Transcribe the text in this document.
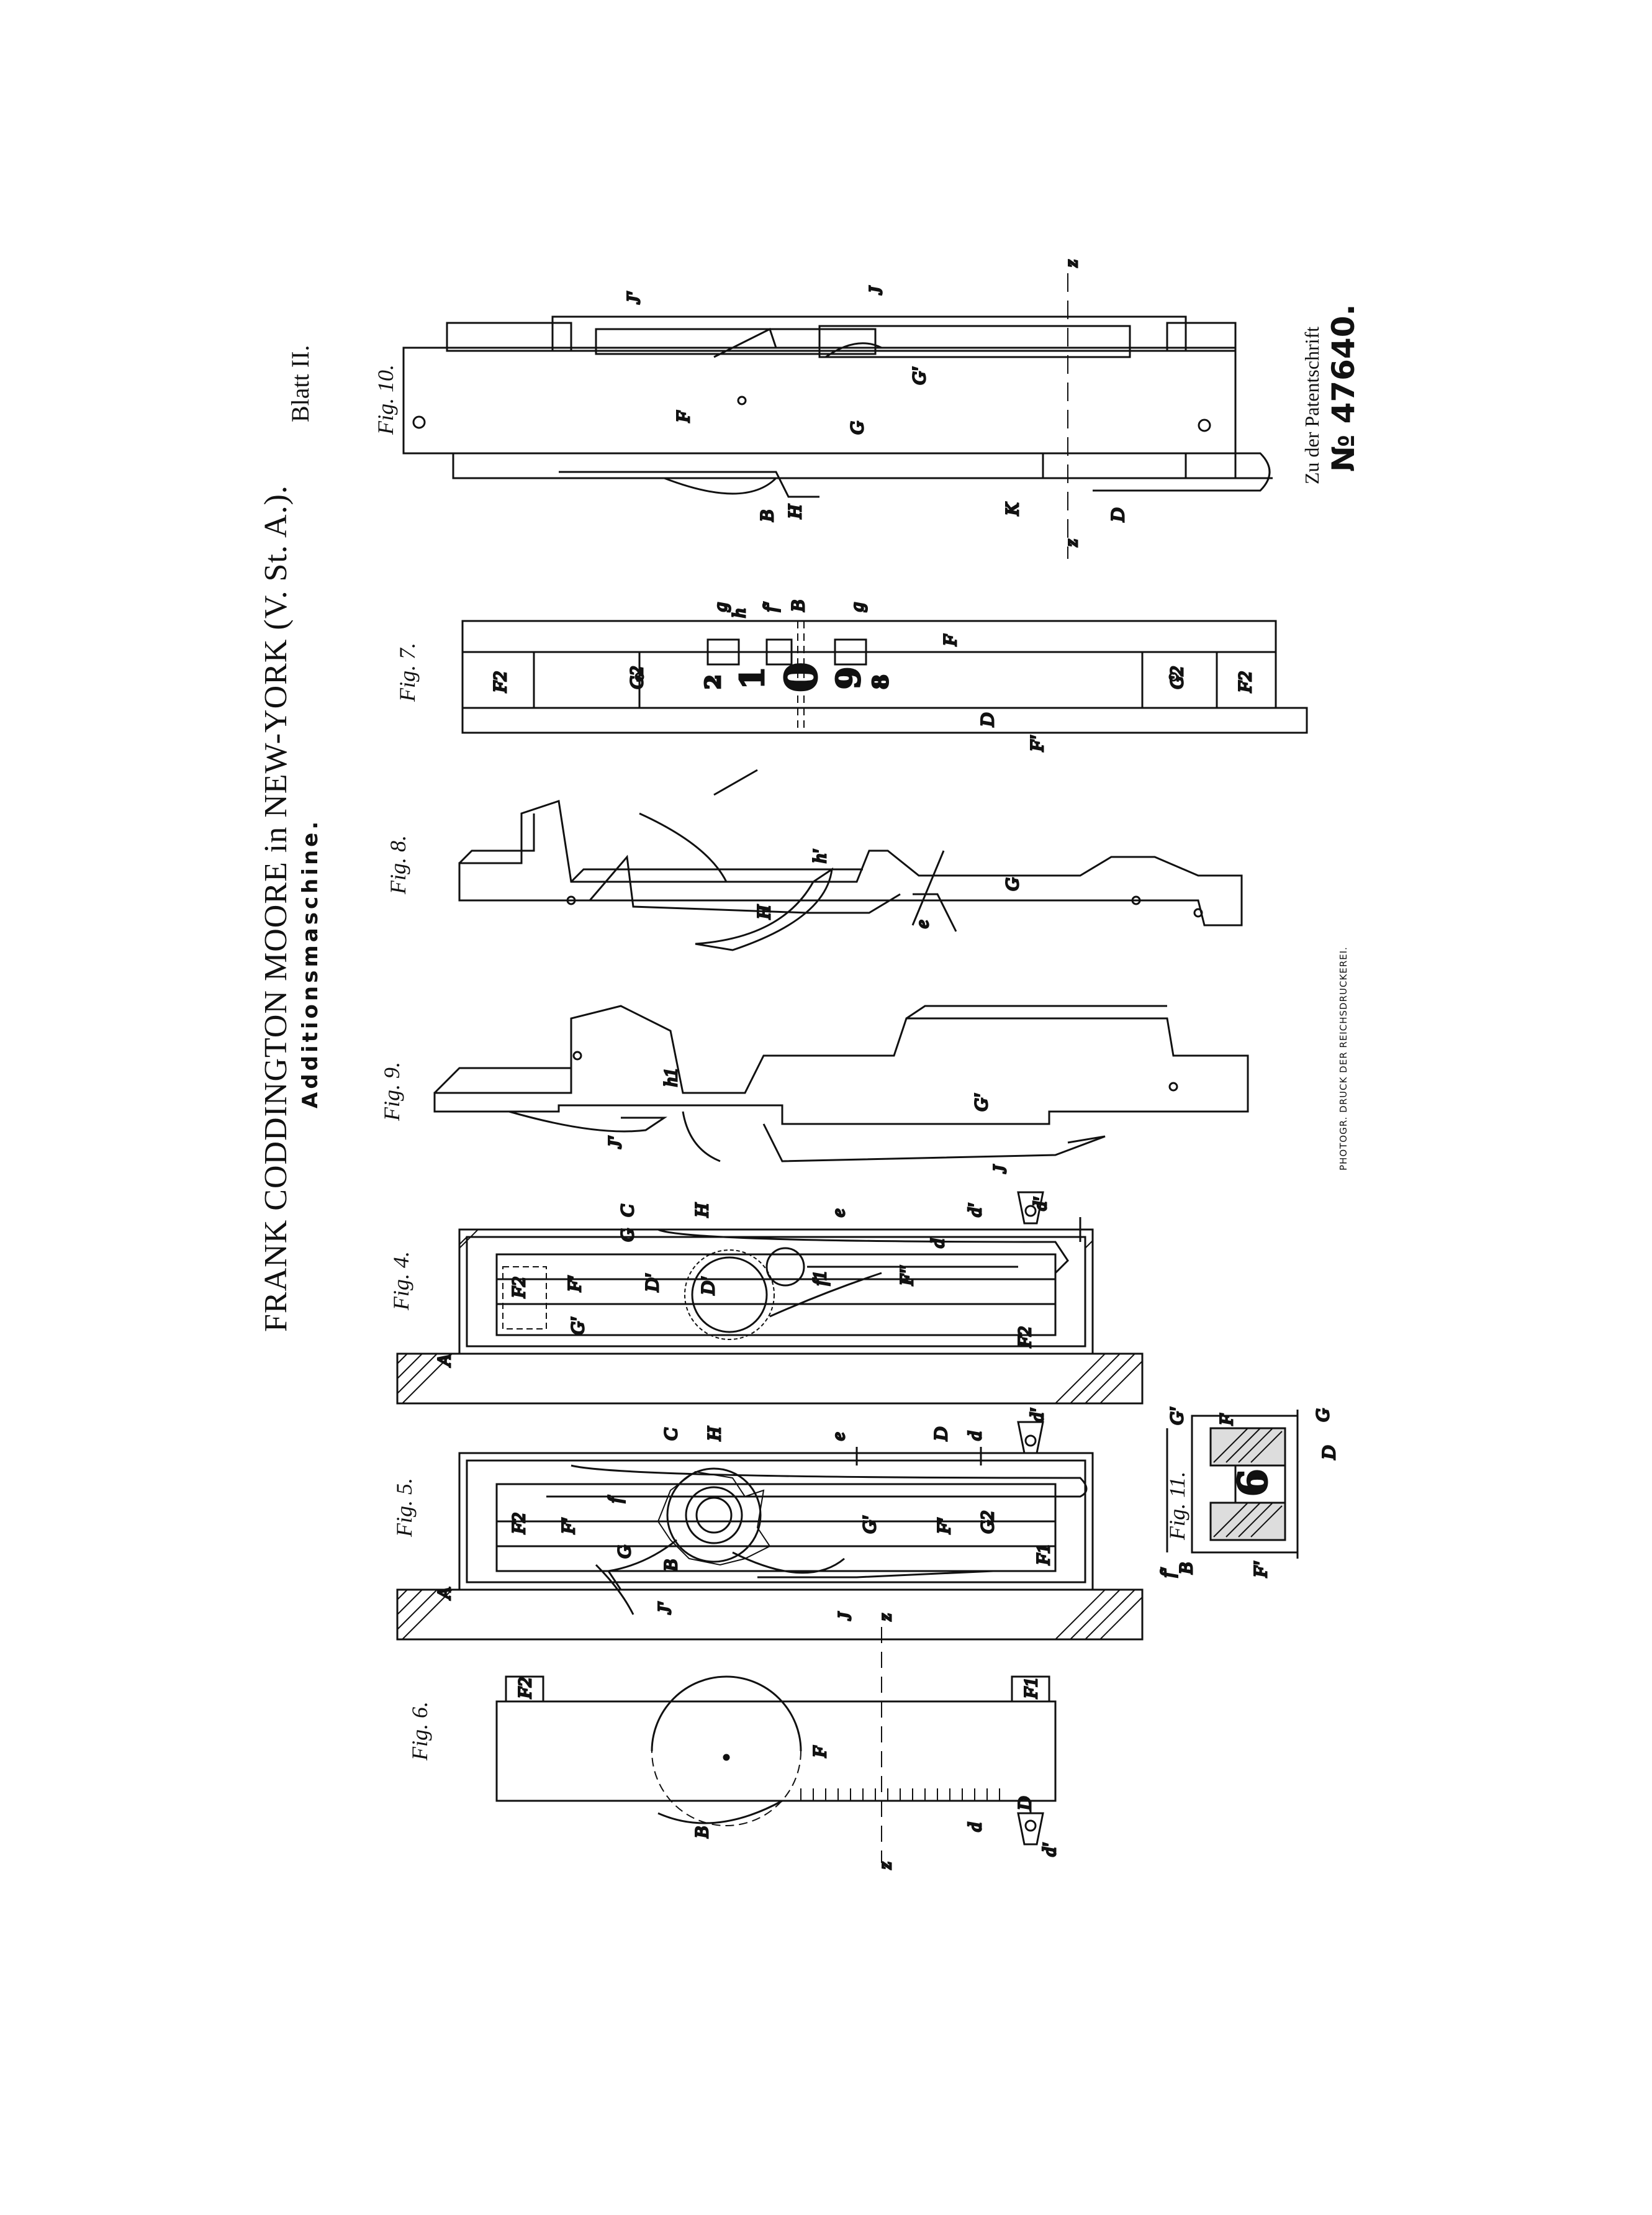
J'
J
z
F
G
G'
B H	K
z
D
2 1 0 9 8
F2	G2
g
h
f' B g
F
G2	F2
D
F'
h'
G
H
e
h1
G'
J'
J
A
F2
G'
F'
G
D' D'
C	H
f1	F''
d
e	d' d'
F2
A
F2 F'
J'
G
f
B
C H
G'	F' G2
J
e	D d
d'
F1
F2
B
F
z
z
d
D
d'
F1
6
G'
f'
F
B	F'
G
D
FRANK CODDINGTON MOORE in NEW-YORK (V. St. A.). Additionsmaschine.
Blatt II.	Zu der Patentschrift № 47640.
PHOTOGR. DRUCK DER REICHSDRUCKEREI.
Fig. 10.
Fig. 7.
Fig. 8.
Fig. 9.
Fig. 4.
Fig. 5.
Fig. 6.
Fig. 11.
